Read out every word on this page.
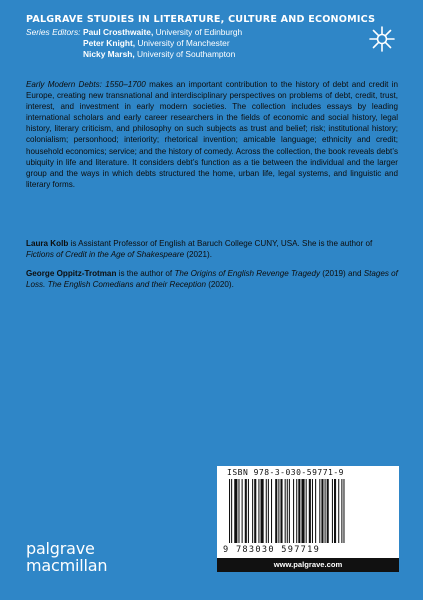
PALGRAVE STUDIES IN LITERATURE, CULTURE AND ECONOMICS
Series Editors: Paul Crosthwaite, University of Edinburgh
Peter Knight, University of Manchester
Nicky Marsh, University of Southampton

Early Modern Debts: 1550–1700 makes an important contribution to the history of debt and credit in Europe, creating new transnational and interdisciplinary perspectives on problems of debt, credit, trust, interest, and investment in early modern societies. The collection includes essays by leading international scholars and early career researchers in the fields of economic and social history, legal history, literary criticism, and philosophy on such subjects as trust and belief; risk; institutional history; colonialism; personhood; interiority; rhetorical invention; amicable language; ethnicity and credit; household economics; service; and the history of comedy. Across the collection, the book reveals debt’s ubiquity in life and literature. It considers debt’s function as a tie between the individual and the larger group and the ways in which debts structured the home, urban life, legal systems, and linguistic and literary forms.

Laura Kolb is Assistant Professor of English at Baruch College CUNY, USA. She is the author of Fictions of Credit in the Age of Shakespeare (2021).

George Oppitz-Trotman is the author of The Origins of English Revenge Tragedy (2019) and Stages of Loss. The English Comedians and their Reception (2020).

ISBN 978-3-030-59771-9
9 783030 597719
www.palgrave.com
palgrave
macmillan
